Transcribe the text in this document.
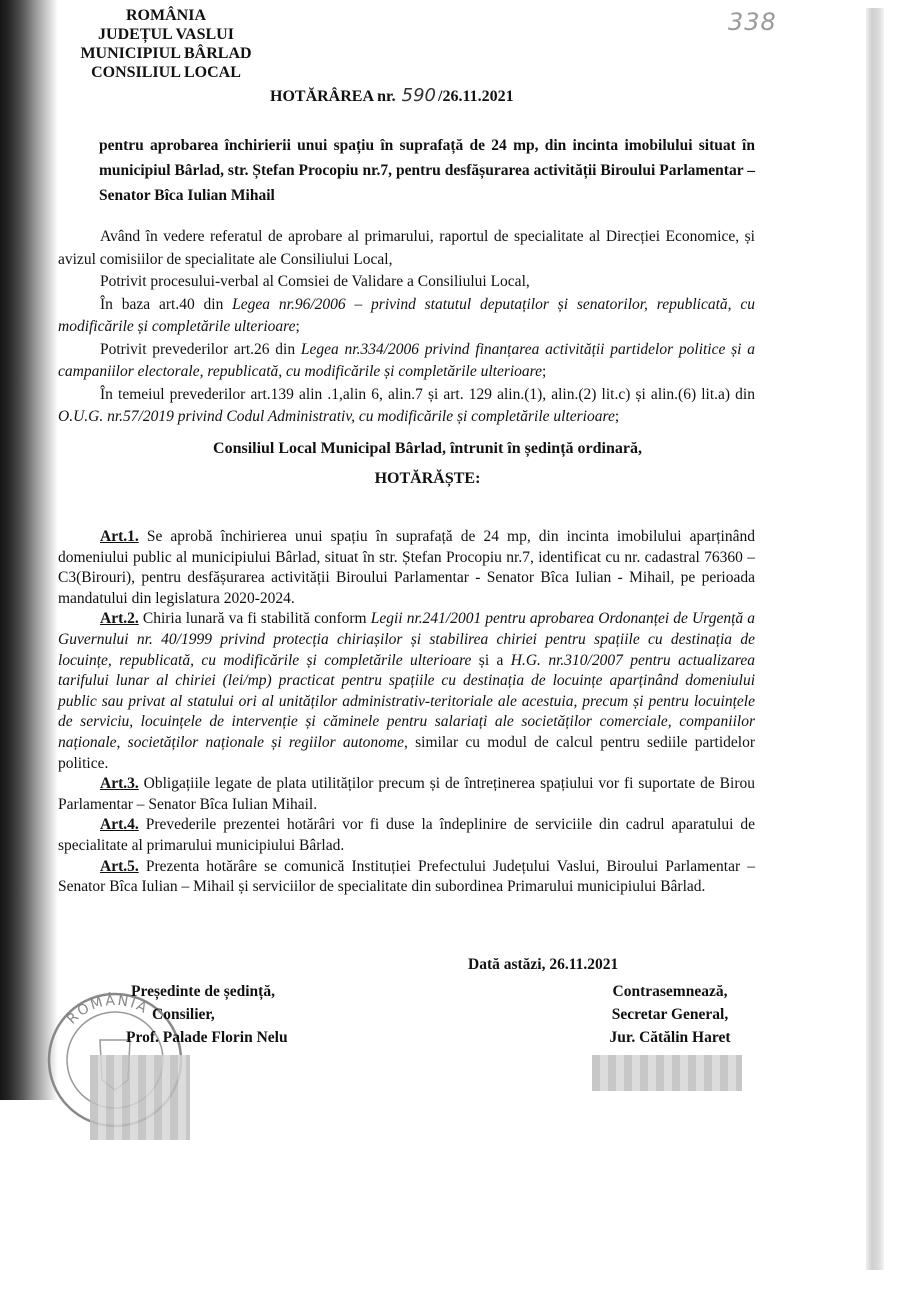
ROMÂNIA
JUDEȚUL VASLUI
MUNICIPIUL BÂRLAD
CONSILIUL LOCAL
338
HOTĂRÂREA nr. 590 /26.11.2021
pentru aprobarea închirierii unui spațiu în suprafață de 24 mp, din incinta imobilului situat în municipiul Bârlad, str. Ștefan Procopiu nr.7, pentru desfășurarea activității Biroului Parlamentar – Senator Bîca Iulian Mihail

Având în vedere referatul de aprobare al primarului, raportul de specialitate al Direcției Economice, și avizul comisiilor de specialitate ale Consiliului Local,

Potrivit procesului-verbal al Comsiei de Validare a Consiliului Local,

În baza art.40 din Legea nr.96/2006 – privind statutul deputaților și senatorilor, republicată, cu modificările și completările ulterioare;

Potrivit prevederilor art.26 din Legea nr.334/2006 privind finanțarea activității partidelor politice și a campaniilor electorale, republicată, cu modificările și completările ulterioare;

În temeiul prevederilor art.139 alin .1,alin 6, alin.7 și art. 129 alin.(1), alin.(2) lit.c) și alin.(6) lit.a) din O.U.G. nr.57/2019 privind Codul Administrativ, cu modificările și completările ulterioare;

Consiliul Local Municipal Bârlad, întrunit în ședință ordinară,
HOTĂRĂȘTE:

Art.1. Se aprobă închirierea unui spațiu în suprafață de 24 mp, din incinta imobilului aparținând domeniului public al municipiului Bârlad, situat în str. Ștefan Procopiu nr.7, identificat cu nr. cadastral 76360 – C3(Birouri), pentru desfășurarea activității Biroului Parlamentar - Senator Bîca Iulian - Mihail, pe perioada mandatului din legislatura 2020-2024.

Art.2. Chiria lunară va fi stabilită conform Legii nr.241/2001 pentru aprobarea Ordonanței de Urgență a Guvernului nr. 40/1999 privind protecția chiriașilor și stabilirea chiriei pentru spațiile cu destinația de locuințe, republicată, cu modificările și completările ulterioare și a H.G. nr.310/2007 pentru actualizarea tarifului lunar al chiriei (lei/mp) practicat pentru spațiile cu destinația de locuințe aparținând domeniului public sau privat al statului ori al unităților administrativ-teritoriale ale acestuia, precum și pentru locuințele de serviciu, locuințele de intervenție și căminele pentru salariați ale societăților comerciale, companiilor naționale, societăților naționale și regiilor autonome, similar cu modul de calcul pentru sediile partidelor politice.

Art.3. Obligațiile legate de plata utilităților precum și de întreținerea spațiului vor fi suportate de Birou Parlamentar – Senator Bîca Iulian Mihail.

Art.4. Prevederile prezentei hotărâri vor fi duse la îndeplinire de serviciile din cadrul aparatului de specialitate al primarului municipiului Bârlad.

Art.5. Prezenta hotărâre se comunică Instituției Prefectului Județului Vaslui, Biroului Parlamentar – Senator Bîca Iulian – Mihail și serviciilor de specialitate din subordinea Primarului municipiului Bârlad.

Dată astăzi, 26.11.2021
ROMÂNIA
Președinte de ședință,
Consilier,
Prof. Palade Florin Nelu
Contrasemnează,
Secretar General,
Jur. Cătălin Haret
